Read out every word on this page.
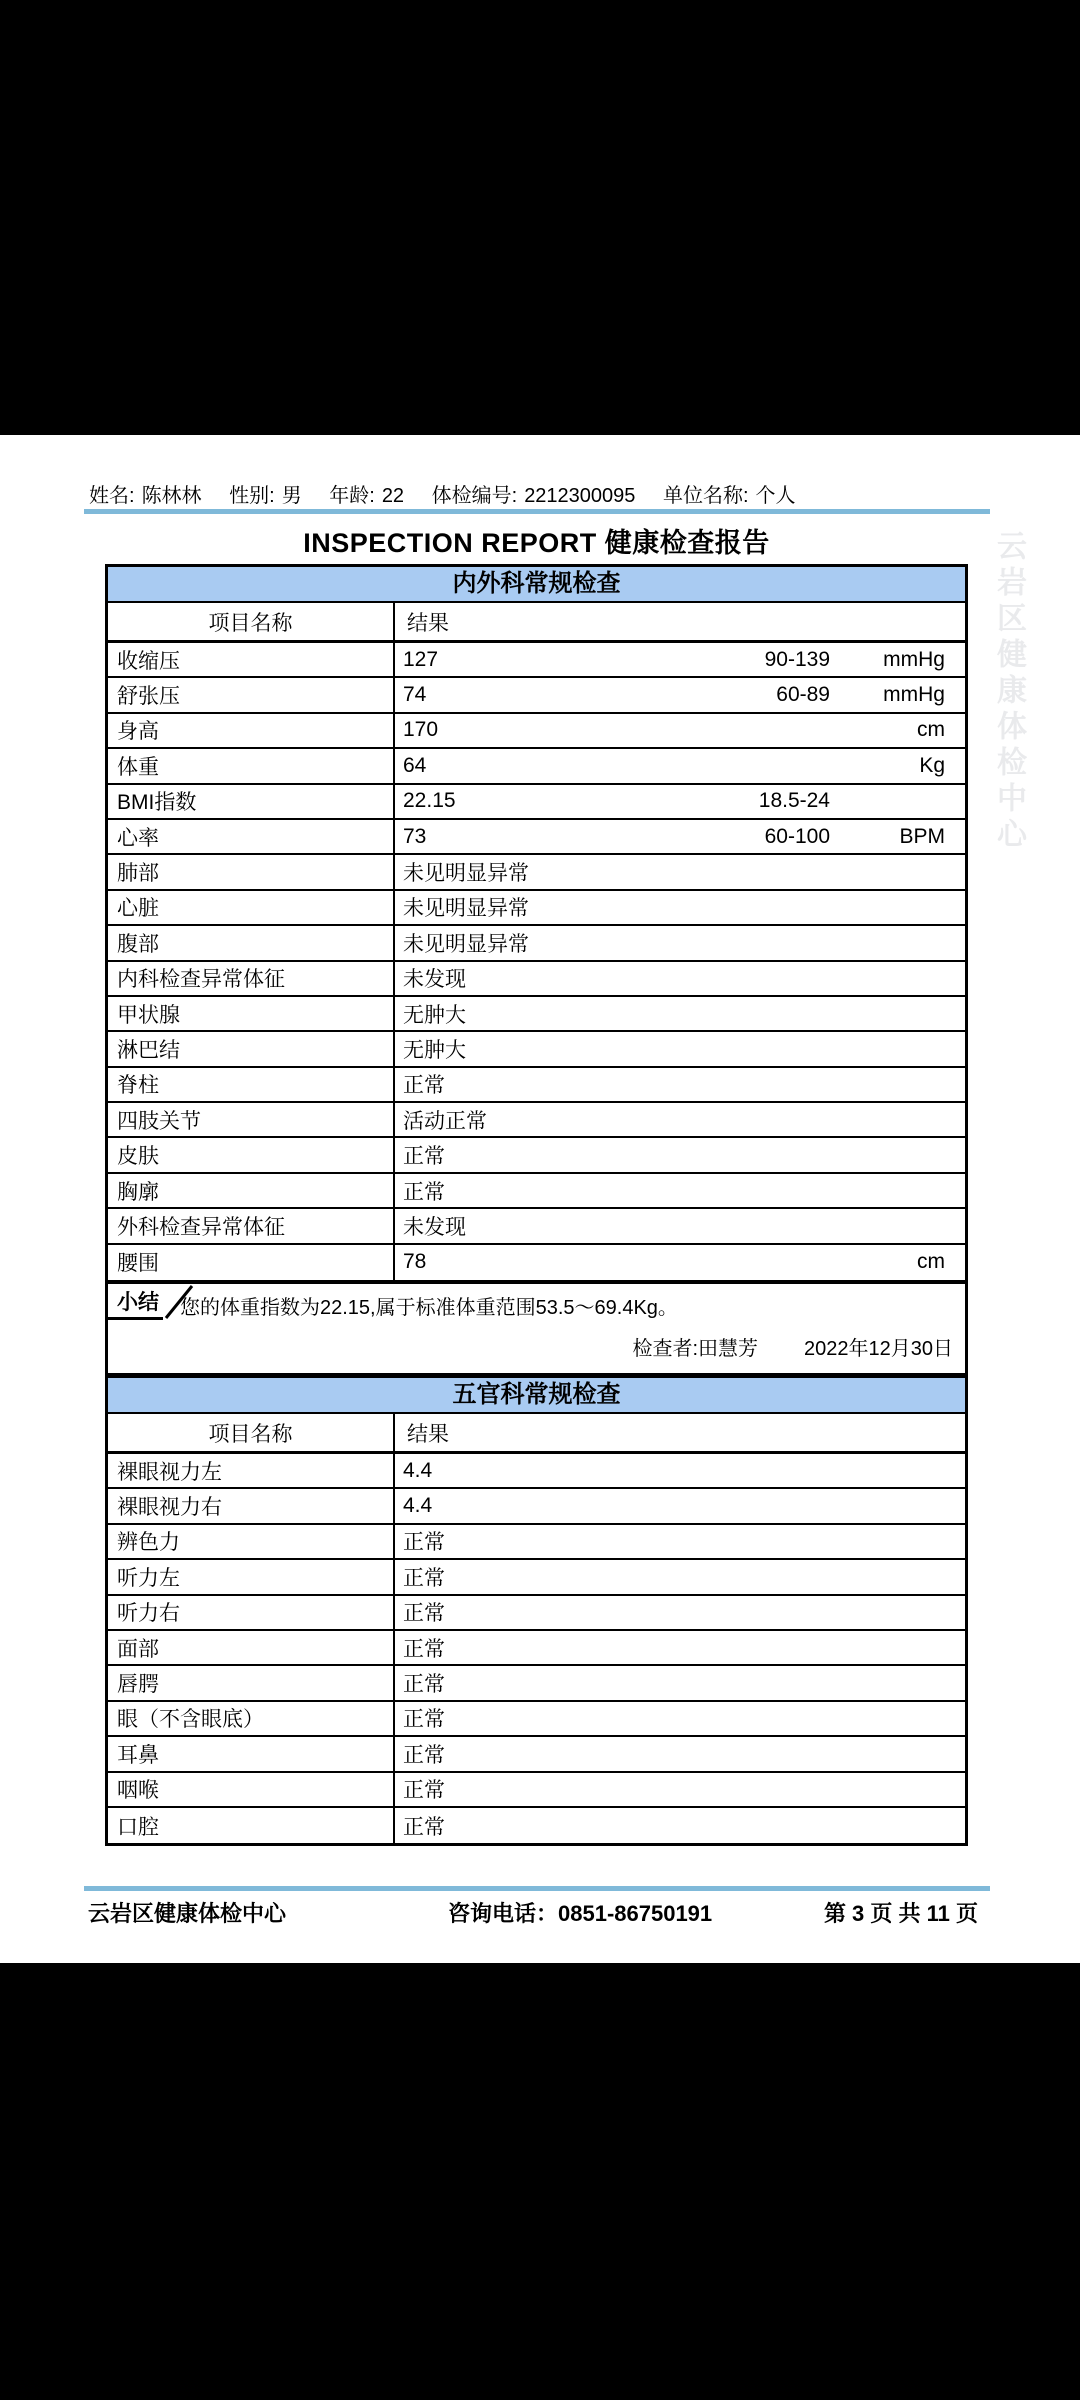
云岩区健康体检中心
姓名: 陈林林 性别: 男 年龄: 22 体检编号: 2212300095 单位名称: 个人
INSPECTION REPORT 健康检查报告
内外科常规检查
项目名称	结果
收缩压	127	90-139	mmHg
舒张压	74	60-89	mmHg
身高	170	cm
体重	64	Kg
BMI指数	22.15	18.5-24
心率	73	60-100	BPM
肺部	未见明显异常
心脏	未见明显异常
腹部	未见明显异常
内科检查异常体征	未发现
甲状腺	无肿大
淋巴结	无肿大
脊柱	正常
四肢关节	活动正常
皮肤	正常
胸廓	正常
外科检查异常体征	未发现
腰围	78	cm
小结 您的体重指数为22.15,属于标准体重范围53.5～69.4Kg。
检查者:田慧芳 2022年12月30日
五官科常规检查
项目名称	结果
裸眼视力左	4.4
裸眼视力右	4.4
辨色力	正常
听力左	正常
听力右	正常
面部	正常
唇腭	正常
眼（不含眼底）	正常
耳鼻	正常
咽喉	正常
口腔	正常
云岩区健康体检中心	咨询电话：0851-86750191	第 3 页 共 11 页
